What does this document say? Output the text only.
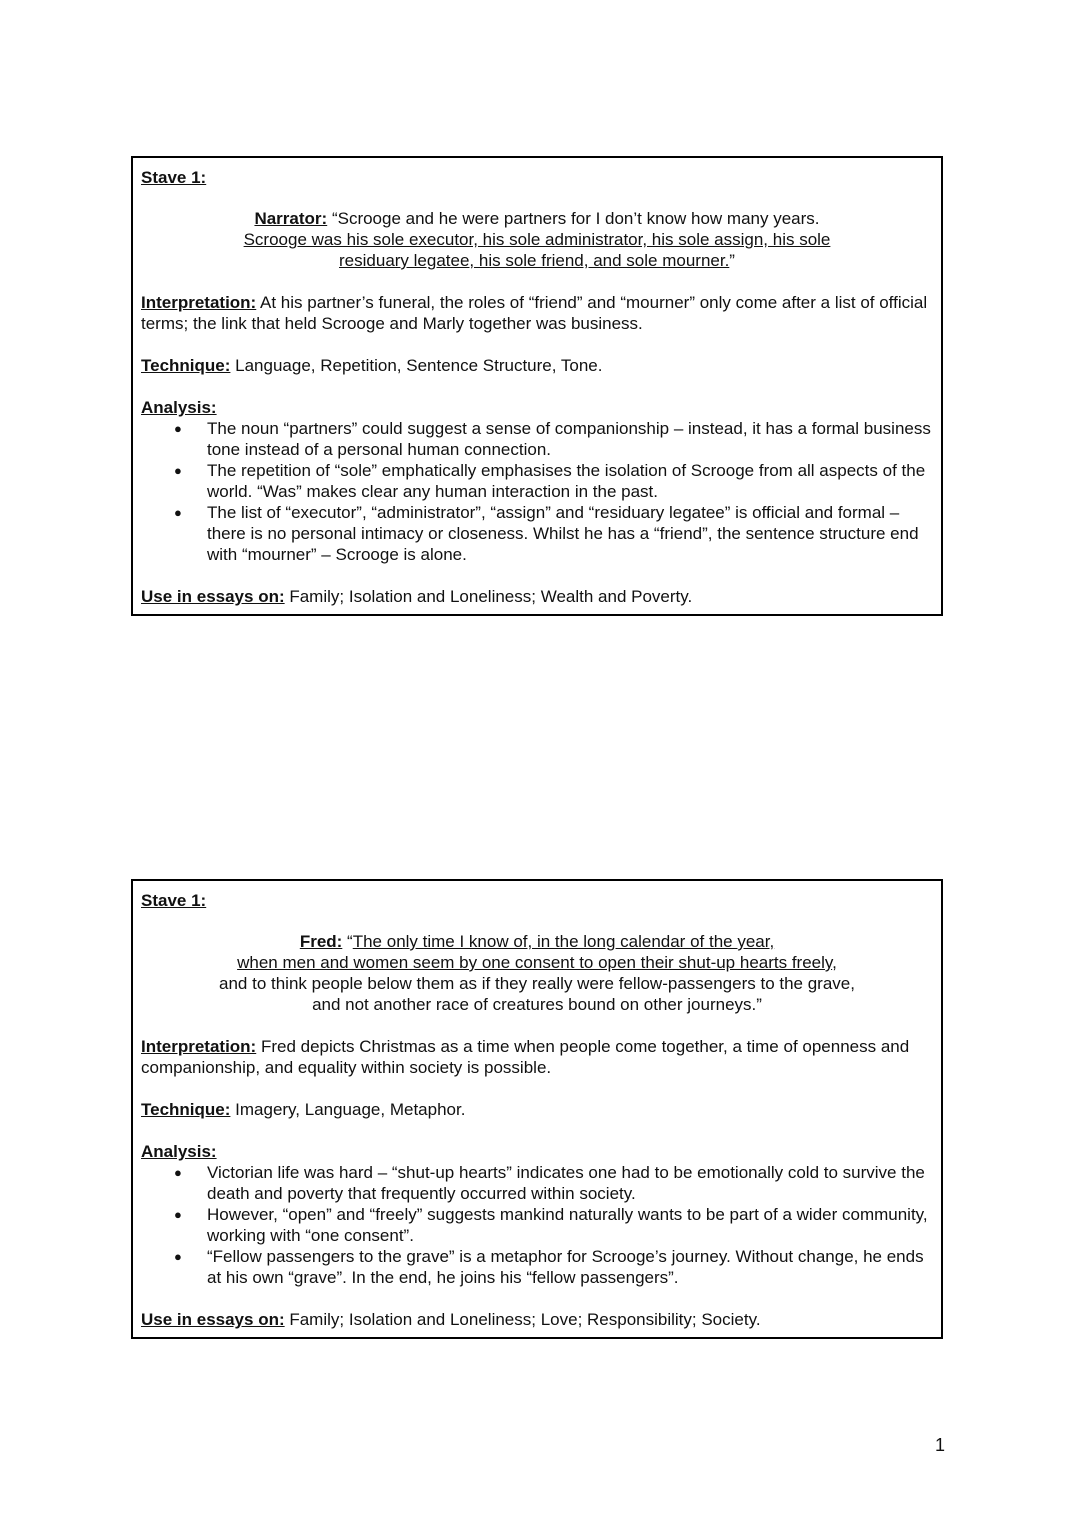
Stave 1:
Narrator: “Scrooge and he were partners for I don’t know how many years.
Scrooge was his sole executor, his sole administrator, his sole assign, his sole
residuary legatee, his sole friend, and sole mourner.”
Interpretation: At his partner’s funeral, the roles of “friend” and “mourner” only come after a list of official terms; the link that held Scrooge and Marly together was business.
Technique: Language, Repetition, Sentence Structure, Tone.
Analysis:
● The noun “partners” could suggest a sense of companionship – instead, it has a formal business tone instead of a personal human connection.
● The repetition of “sole” emphatically emphasises the isolation of Scrooge from all aspects of the world. “Was” makes clear any human interaction in the past.
● The list of “executor”, “administrator”, “assign” and “residuary legatee” is official and formal – there is no personal intimacy or closeness. Whilst he has a “friend”, the sentence structure end with “mourner” – Scrooge is alone.
Use in essays on: Family; Isolation and Loneliness; Wealth and Poverty.
Stave 1:
Fred: “The only time I know of, in the long calendar of the year,
when men and women seem by one consent to open their shut-up hearts freely,
and to think people below them as if they really were fellow-passengers to the grave,
and not another race of creatures bound on other journeys.”
Interpretation: Fred depicts Christmas as a time when people come together, a time of openness and companionship, and equality within society is possible.
Technique: Imagery, Language, Metaphor.
Analysis:
● Victorian life was hard – “shut-up hearts” indicates one had to be emotionally cold to survive the death and poverty that frequently occurred within society.
● However, “open” and “freely” suggests mankind naturally wants to be part of a wider community, working with “one consent”.
● “Fellow passengers to the grave” is a metaphor for Scrooge’s journey. Without change, he ends at his own “grave”. In the end, he joins his “fellow passengers”.
Use in essays on: Family; Isolation and Loneliness; Love; Responsibility; Society.
1
